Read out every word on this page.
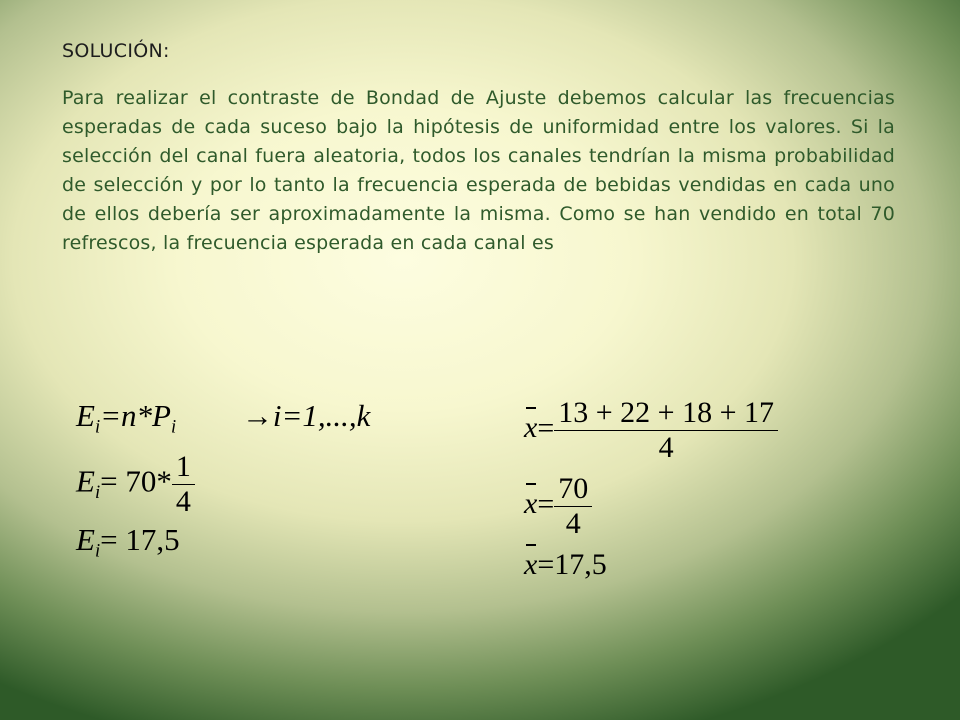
SOLUCIÓN:

Para realizar el contraste de Bondad de Ajuste debemos calcular las frecuencias esperadas de cada suceso bajo la hipótesis de uniformidad entre los valores. Si la selección del canal fuera aleatoria, todos los canales tendrían la misma probabilidad de selección y por lo tanto la frecuencia esperada de bebidas vendidas en cada uno de ellos debería ser aproximadamente la misma. Como se han vendido en total 70 refrescos, la frecuencia esperada en cada canal es

$E_i=n*P_i \to i=1,...,k$
$E_i= 70* \frac{1}{4}$
$E_i= 17,5$
$x= \frac{13 + 22 + 18 + 17}{4}$
$x= \frac{70}{4}$
x=17,5
